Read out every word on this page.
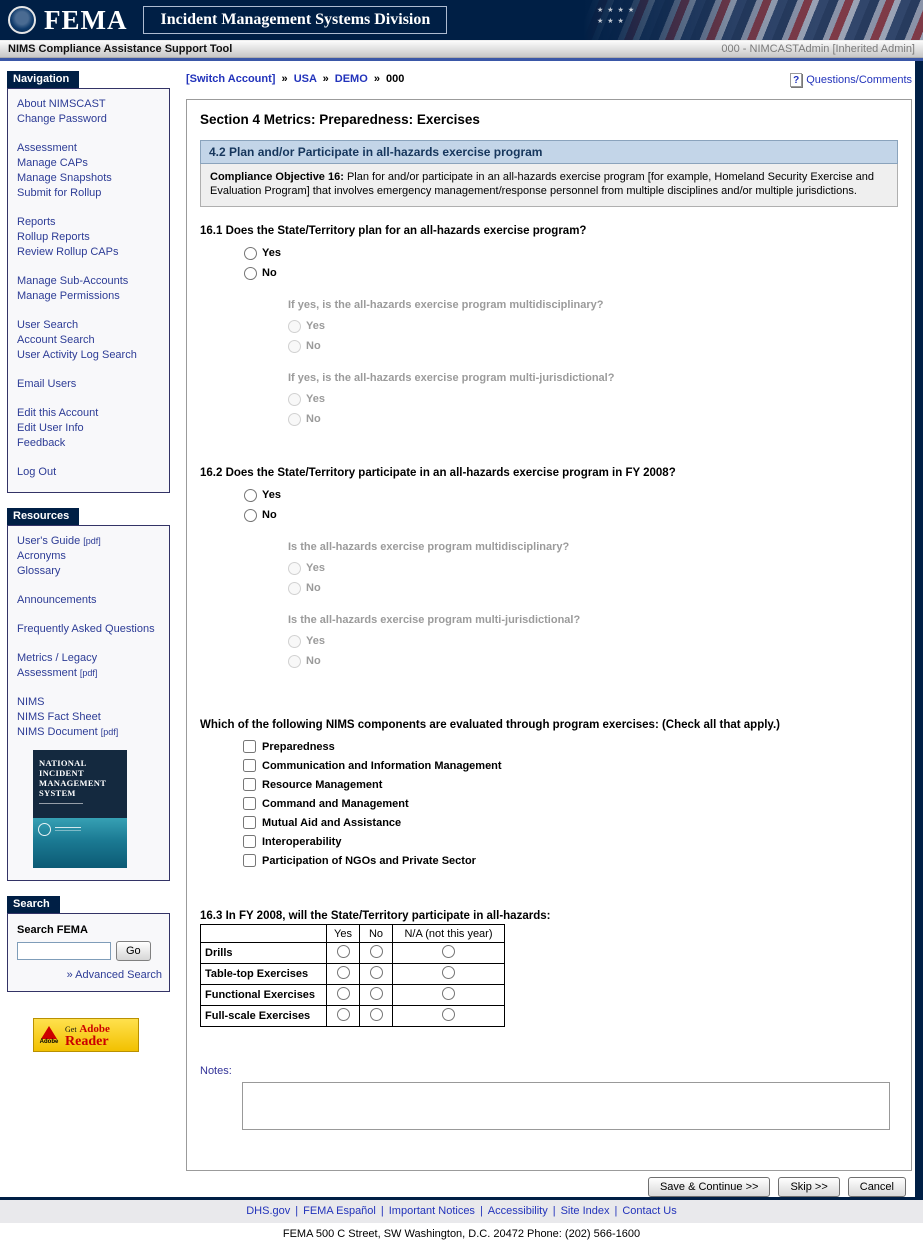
FEMA	Incident Management Systems Division
★★★★ ★★★
NIMS Compliance Assistance Support Tool	000 - NIMCASTAdmin [Inherited Admin]
Navigation
About NIMSCAST
Change Password
Assessment
Manage CAPs
Manage Snapshots
Submit for Rollup
Reports
Rollup Reports
Review Rollup CAPs
Manage Sub-Accounts
Manage Permissions
User Search
Account Search
User Activity Log Search
Email Users
Edit this Account
Edit User Info
Feedback
Log Out
Resources
User's Guide [pdf]
Acronyms
Glossary
Announcements
Frequently Asked Questions
Metrics / Legacy Assessment [pdf]
NIMS
NIMS Fact Sheet
NIMS Document [pdf]
NATIONAL INCIDENT MANAGEMENT SYSTEM
Search
Search FEMA
Go
» Advanced Search
Adobe
Get Adobe
Reader
[Switch Account] » USA » DEMO » 000	? Questions/Comments
Section 4 Metrics: Preparedness: Exercises
4.2 Plan and/or Participate in all-hazards exercise program
Compliance Objective 16: Plan for and/or participate in an all-hazards exercise program [for example, Homeland Security Exercise and Evaluation Program] that involves emergency management/response personnel from multiple disciplines and/or multiple jurisdictions.
16.1 Does the State/Territory plan for an all-hazards exercise program?
Yes
No
If yes, is the all-hazards exercise program multidisciplinary?
Yes
No
If yes, is the all-hazards exercise program multi-jurisdictional?
Yes
No
16.2 Does the State/Territory participate in an all-hazards exercise program in FY 2008?
Yes
No
Is the all-hazards exercise program multidisciplinary?
Yes
No
Is the all-hazards exercise program multi-jurisdictional?
Yes
No
Which of the following NIMS components are evaluated through program exercises: (Check all that apply.)
Preparedness
Communication and Information Management
Resource Management
Command and Management
Mutual Aid and Assistance
Interoperability
Participation of NGOs and Private Sector
16.3 In FY 2008, will the State/Territory participate in all-hazards:
	Yes	No	N/A (not this year)
Drills			
Table-top Exercises			
Functional Exercises			
Full-scale Exercises			
Notes:
Save & Continue >>	Skip >>	Cancel
DHS.gov | FEMA Español | Important Notices | Accessibility | Site Index | Contact Us
FEMA 500 C Street, SW Washington, D.C. 20472 Phone: (202) 566-1600
